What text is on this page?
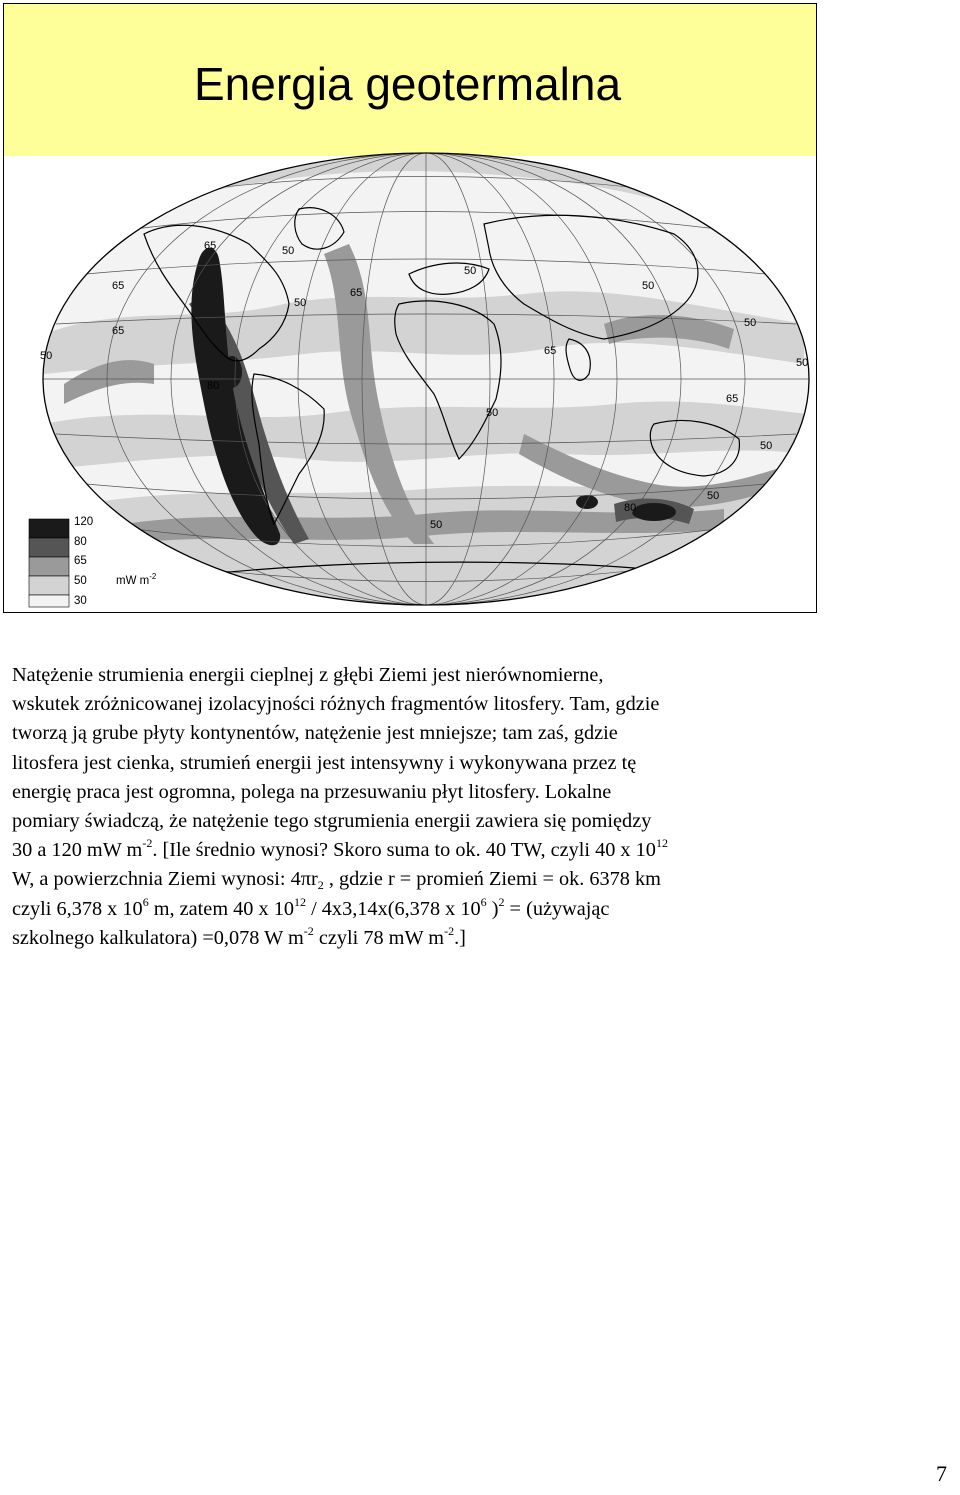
Energia geotermalna
65	50
65
50
65
50
50
65
50
65
50
50
80
65
50
50
80
50
50
120
80
65
50
30
mW $m^{-2}$
Natężenie strumienia energii cieplnej z głębi Ziemi jest nierównomierne,
wskutek zróżnicowanej izolacyjności różnych fragmentów litosfery. Tam, gdzie
tworzą ją grube płyty kontynentów, natężenie jest mniejsze; tam zaś, gdzie
litosfera jest cienka, strumień energii jest intensywny i wykonywana przez tę
energię praca jest ogromna, polega na przesuwaniu płyt litosfery. Lokalne
pomiary świadczą, że natężenie tego stgrumienia energii zawiera się pomiędzy
30 a 120 mW $m^{-2}$. [Ile średnio wynosi? Skoro suma to ok. 40 TW, czyli 40 x $10^{12}$
W, a powierzchnia Ziemi wynosi: $4\pi r_2$ , gdzie r = promień Ziemi = ok. 6378 km
czyli 6,378 x $10^6$ m, zatem 40 x $10^{12} / 4x3,14x(6,378$ x $10^6$ )$^2$ = (używając
szkolnego kalkulatora) =0,078 W $m^{-2}$ czyli 78 mW $m^{-2}$.]
7
